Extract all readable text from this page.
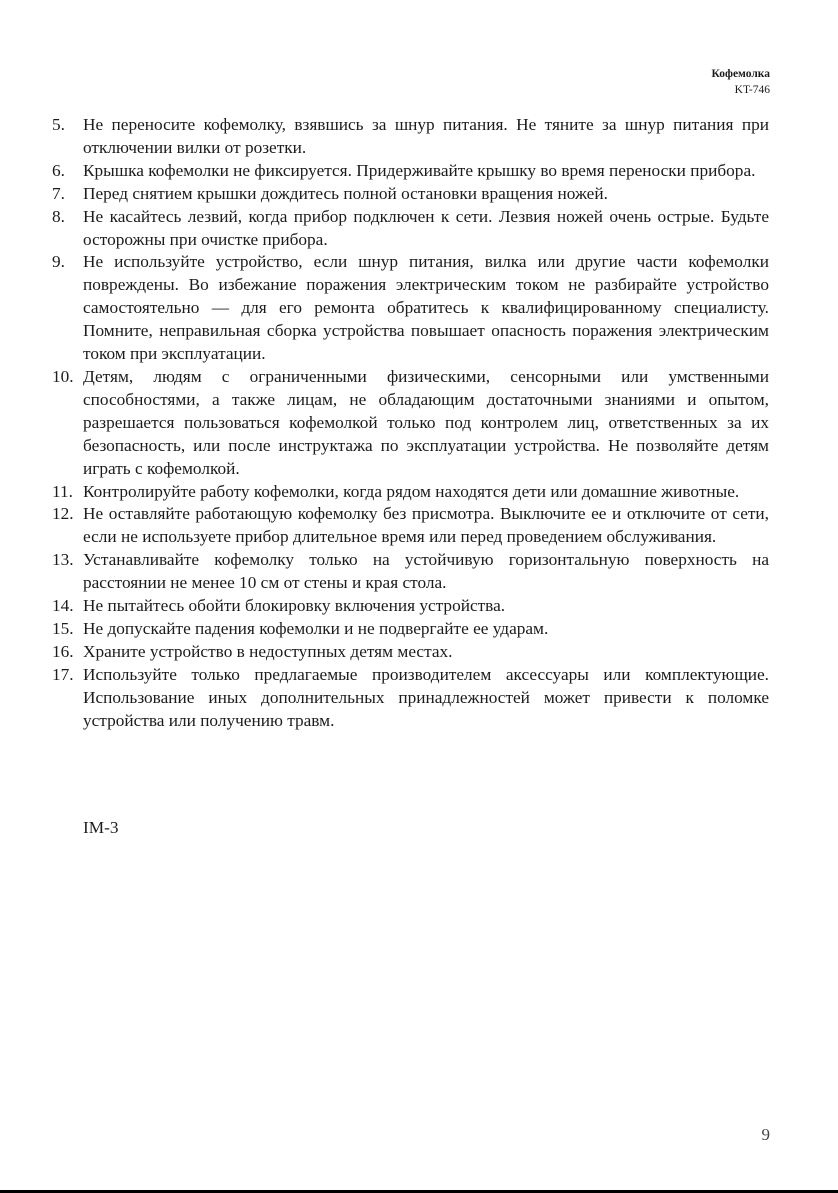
Кофемолка
KT-746
5.	Не переносите кофемолку, взявшись за шнур питания. Не тяните за шнур питания при отключении вилки от розетки.
6.	Крышка кофемолки не фиксируется. Придерживайте крышку во время переноски прибора.
7.	Перед снятием крышки дождитесь полной остановки вращения ножей.
8.	Не касайтесь лезвий, когда прибор подключен к сети. Лезвия ножей очень острые. Будьте осторожны при очистке прибора.
9.	Не используйте устройство, если шнур питания, вилка или другие части кофемолки повреждены. Во избежание поражения электрическим током не разбирайте устройство самостоятельно — для его ремонта обратитесь к квалифицированному специалисту. Помните, неправильная сборка устройства повышает опасность поражения электрическим током при эксплуатации.
10. Детям, людям с ограниченными физическими, сенсорными или умственными способностями, а также лицам, не обладающим достаточными знаниями и опытом, разрешается пользоваться кофемолкой только под контролем лиц, ответственных за их безопасность, или после инструктажа по эксплуатации устройства. Не позволяйте детям играть с кофемолкой.
11. Контролируйте работу кофемолки, когда рядом находятся дети или домашние животные.
12. Не оставляйте работающую кофемолку без присмотра. Выключите ее и отключите от сети, если не используете прибор длительное время или перед проведением обслуживания.
13. Устанавливайте кофемолку только на устойчивую горизонтальную поверхность на расстоянии не менее 10 см от стены и края стола.
14. Не пытайтесь обойти блокировку включения устройства.
15. Не допускайте падения кофемолки и не подвергайте ее ударам.
16. Храните устройство в недоступных детям местах.
17. Используйте только предлагаемые производителем аксессуары или комплектующие. Использование иных дополнительных принадлежностей может привести к поломке устройства или получению травм.
IM-3
9
